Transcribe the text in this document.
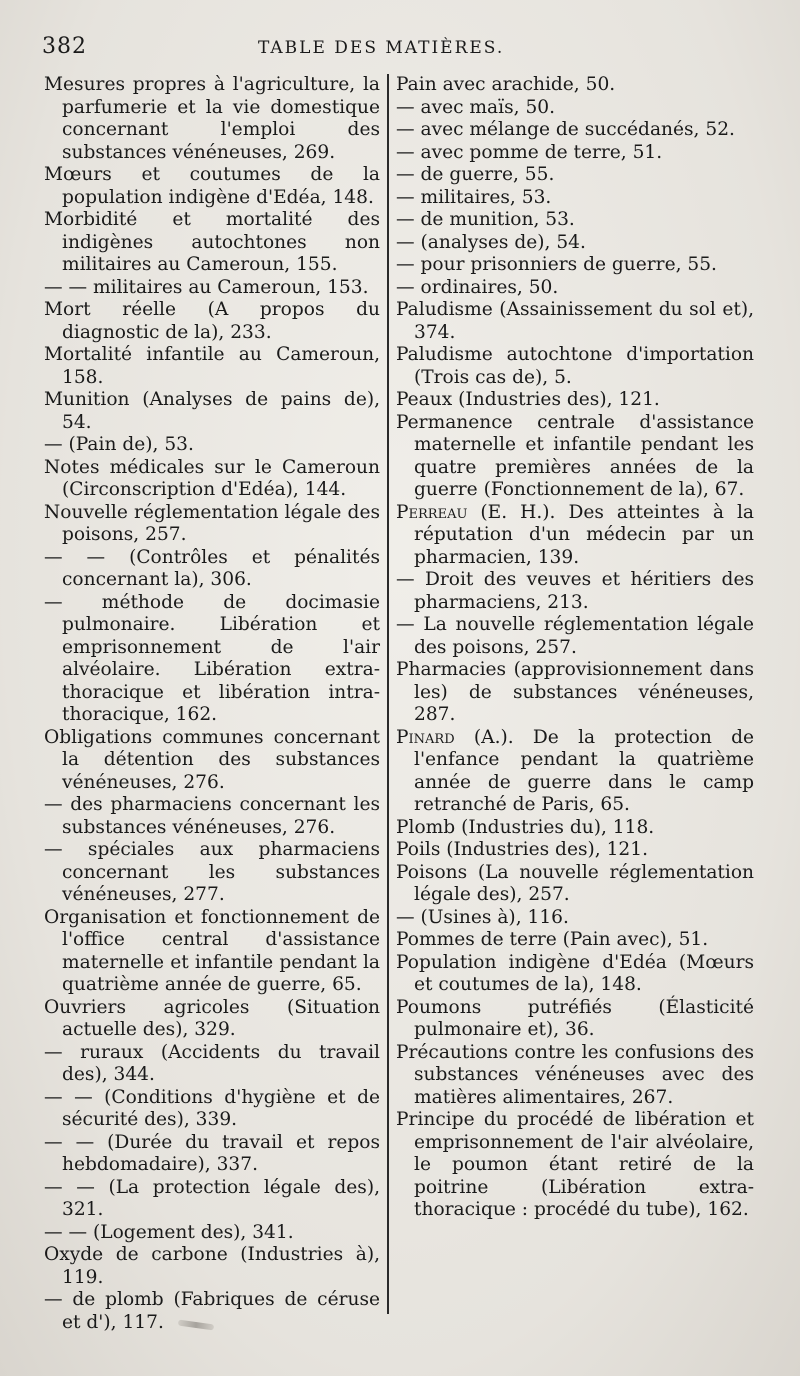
382	TABLE DES MATIÈRES.

Mesures propres à l'agriculture, la parfumerie et la vie domestique concernant l'emploi des substances vénéneuses, 269.

Mœurs et coutumes de la population indigène d'Edéa, 148.

Morbidité et mortalité des indigènes autochtones non militaires au Cameroun, 155.

— — militaires au Cameroun, 153.

Mort réelle (A propos du diagnostic de la), 233.

Mortalité infantile au Cameroun, 158.

Munition (Analyses de pains de), 54.

— (Pain de), 53.

Notes médicales sur le Cameroun (Circonscription d'Edéa), 144.

Nouvelle réglementation légale des poisons, 257.

— — (Contrôles et pénalités concernant la), 306.

— méthode de docimasie pulmonaire. Libération et emprisonnement de l'air alvéolaire. Libération extra-thoracique et libération intra-thoracique, 162.

Obligations communes concernant la détention des substances vénéneuses, 276.

— des pharmaciens concernant les substances vénéneuses, 276.

— spéciales aux pharmaciens concernant les substances vénéneuses, 277.

Organisation et fonctionnement de l'office central d'assistance maternelle et infantile pendant la quatrième année de guerre, 65.

Ouvriers agricoles (Situation actuelle des), 329.

— ruraux (Accidents du travail des), 344.

— — (Conditions d'hygiène et de sécurité des), 339.

— — (Durée du travail et repos hebdomadaire), 337.

— — (La protection légale des), 321.

— — (Logement des), 341.

Oxyde de carbone (Industries à), 119.

— de plomb (Fabriques de céruse et d'), 117.

Pain avec arachide, 50.

— avec maïs, 50.

— avec mélange de succédanés, 52.

— avec pomme de terre, 51.

— de guerre, 55.

— militaires, 53.

— de munition, 53.

— (analyses de), 54.

— pour prisonniers de guerre, 55.

— ordinaires, 50.

Paludisme (Assainissement du sol et), 374.

Paludisme autochtone d'importation (Trois cas de), 5.

Peaux (Industries des), 121.

Permanence centrale d'assistance maternelle et infantile pendant les quatre premières années de la guerre (Fonctionnement de la), 67.

Perreau (E. H.). Des atteintes à la réputation d'un médecin par un pharmacien, 139.

— Droit des veuves et héritiers des pharmaciens, 213.

— La nouvelle réglementation légale des poisons, 257.

Pharmacies (approvisionnement dans les) de substances vénéneuses, 287.

Pinard (A.). De la protection de l'enfance pendant la quatrième année de guerre dans le camp retranché de Paris, 65.

Plomb (Industries du), 118.

Poils (Industries des), 121.

Poisons (La nouvelle réglementation légale des), 257.

— (Usines à), 116.

Pommes de terre (Pain avec), 51.

Population indigène d'Edéa (Mœurs et coutumes de la), 148.

Poumons putréfiés (Élasticité pulmonaire et), 36.

Précautions contre les confusions des substances vénéneuses avec des matières alimentaires, 267.

Principe du procédé de libération et emprisonnement de l'air alvéolaire, le poumon étant retiré de la poitrine (Libération extra-thoracique : procédé du tube), 162.
